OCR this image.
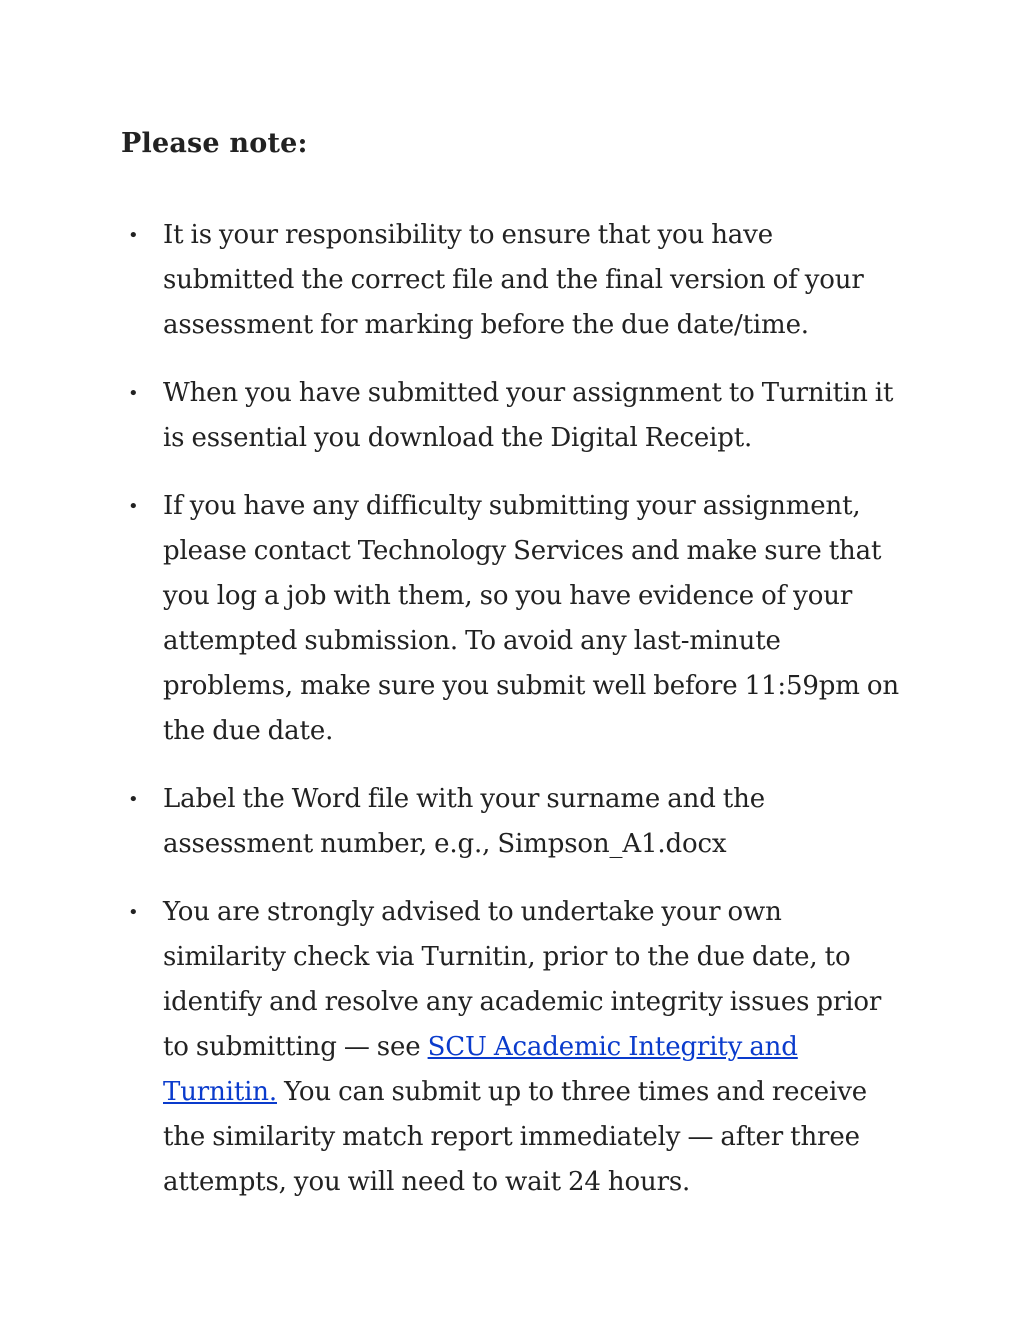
Please note:
• It is your responsibility to ensure that you have submitted the correct file and the final version of your assessment for marking before the due date/time.
• When you have submitted your assignment to Turnitin it is essential you download the Digital Receipt.
• If you have any difficulty submitting your assignment, please contact Technology Services and make sure that you log a job with them, so you have evidence of your attempted submission. To avoid any last-minute problems, make sure you submit well before 11:59pm on the due date.
• Label the Word file with your surname and the assessment number, e.g., Simpson_A1.docx
• You are strongly advised to undertake your own similarity check via Turnitin, prior to the due date, to identify and resolve any academic integrity issues prior to submitting — see SCU Academic Integrity and Turnitin. You can submit up to three times and receive the similarity match report immediately — after three attempts, you will need to wait 24 hours.
